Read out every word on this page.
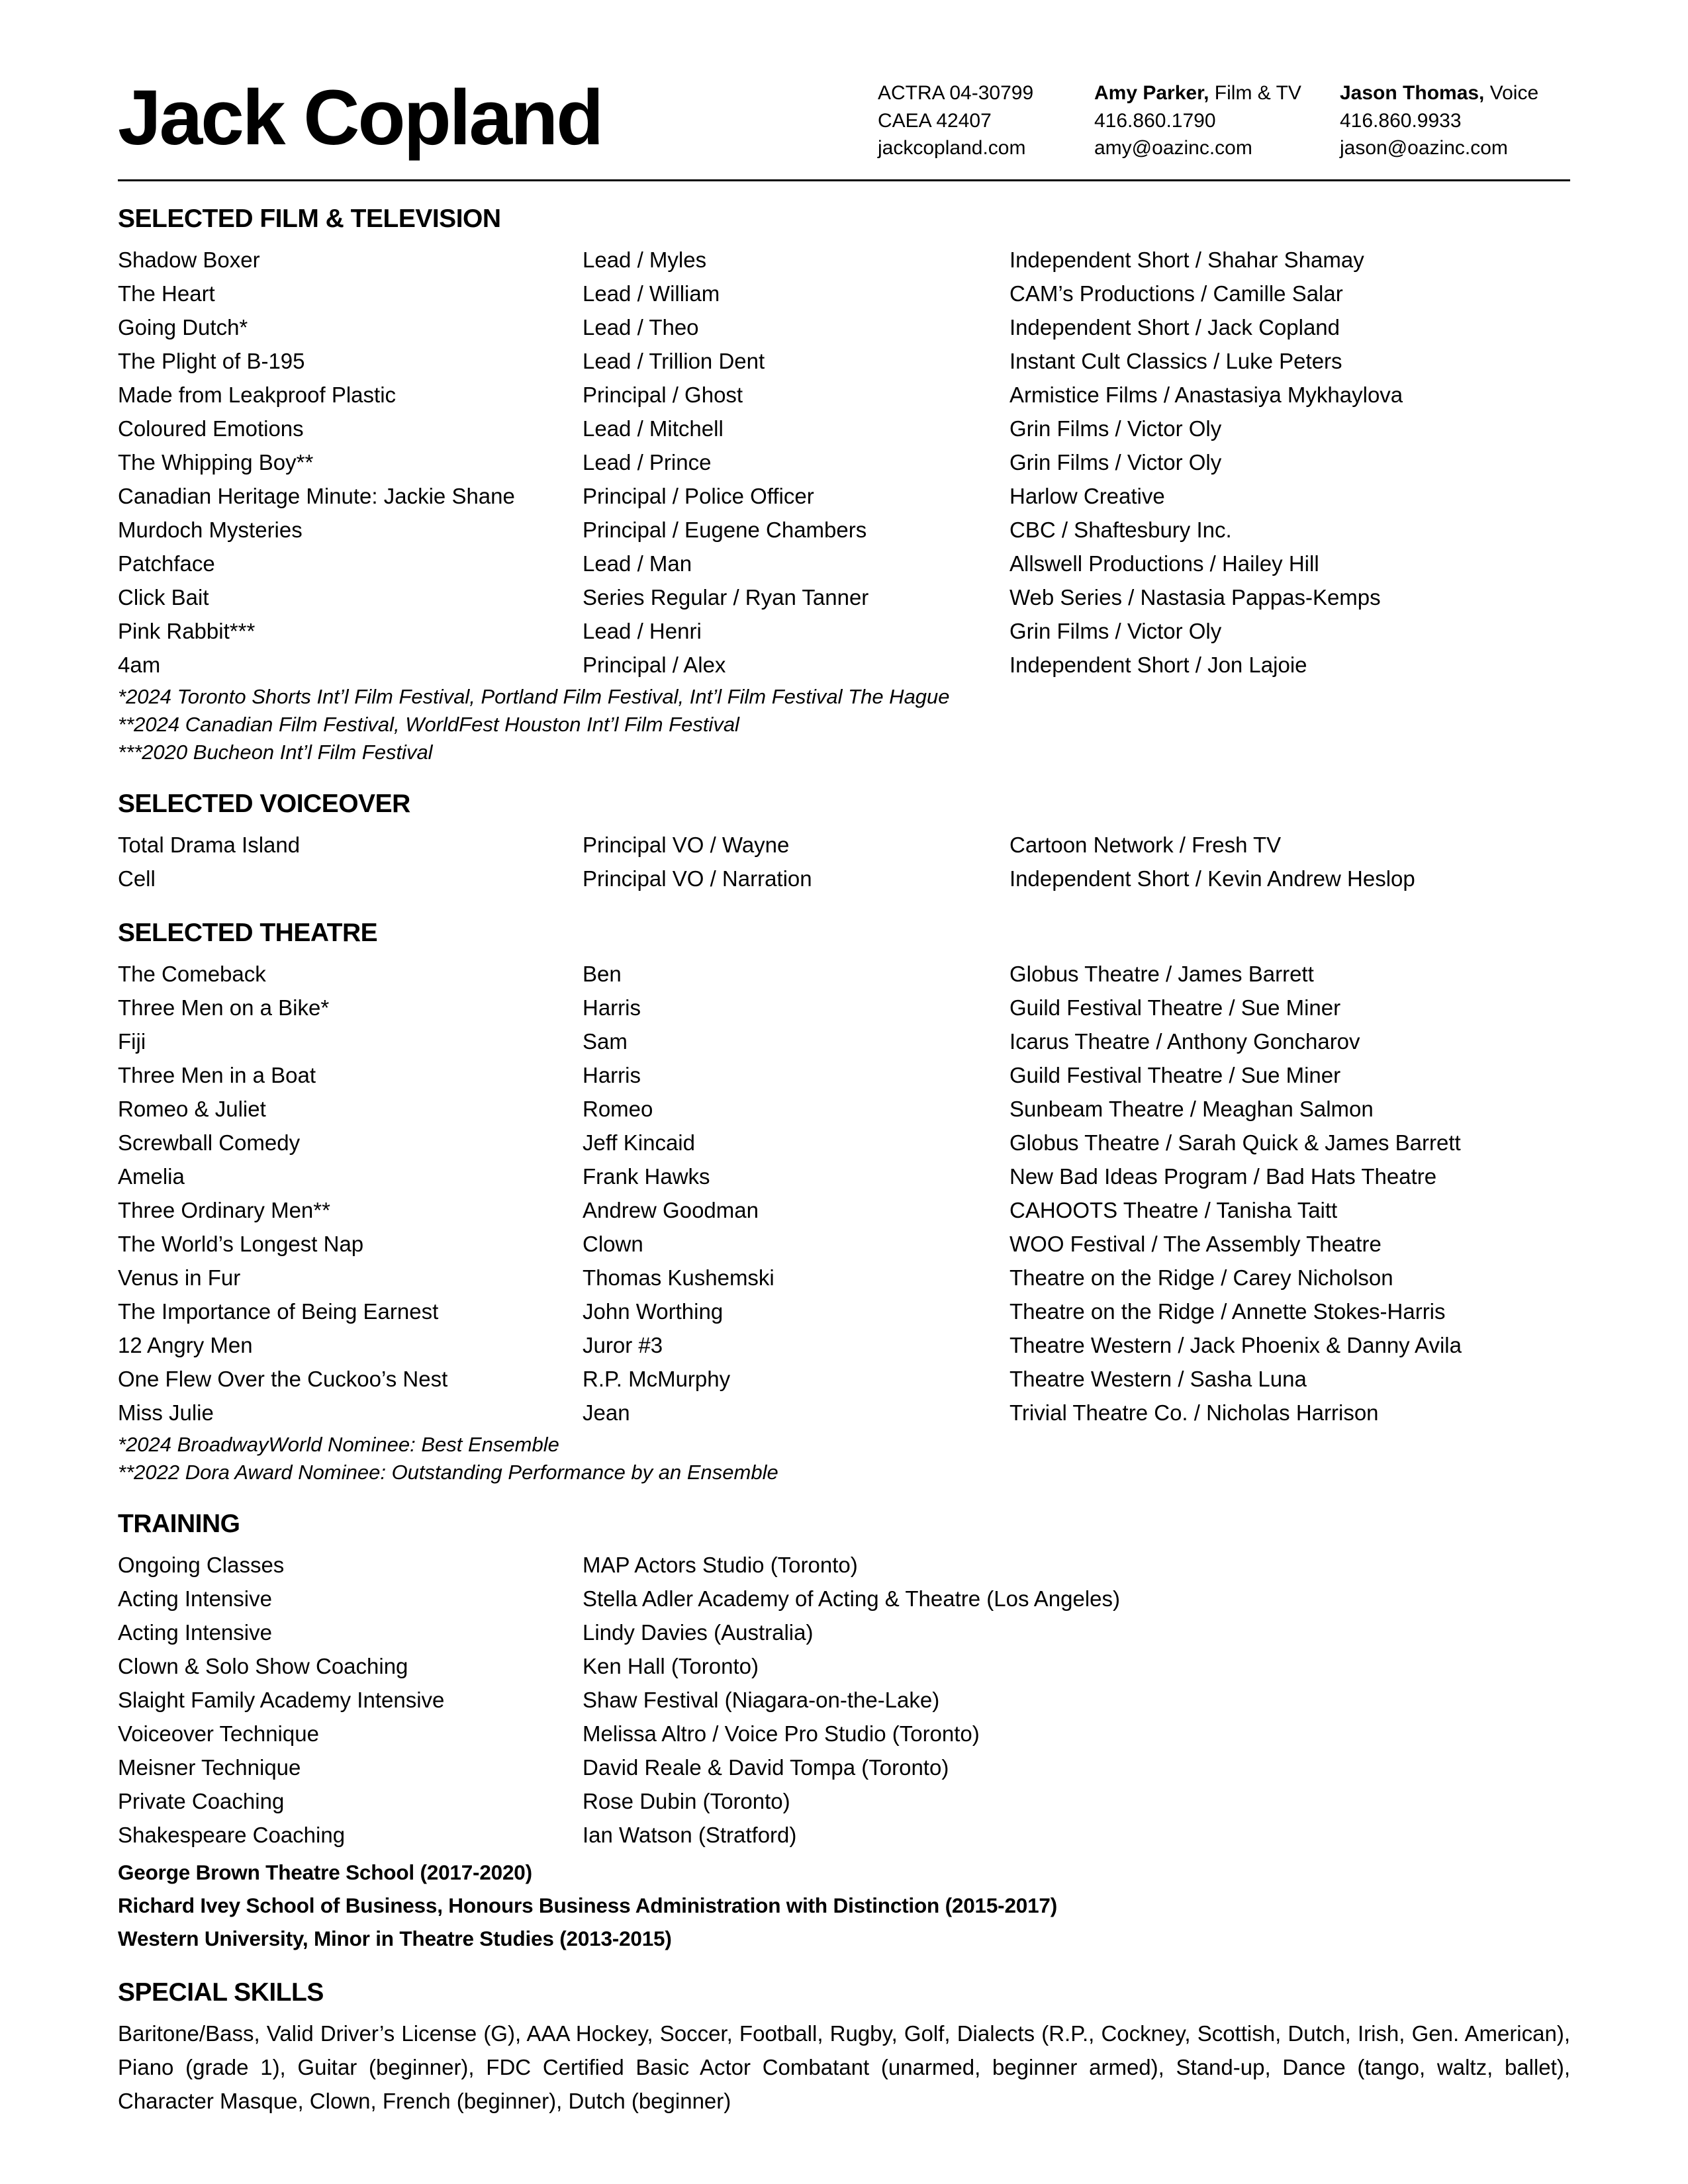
Jack Copland	ACTRA 04-30799
CAEA 42407
jackcopland.com
Amy Parker, Film & TV
416.860.1790
amy@oazinc.com
Jason Thomas, Voice
416.860.9933
jason@oazinc.com
SELECTED FILM & TELEVISION
Shadow Boxer	Lead / Myles	Independent Short / Shahar Shamay
The Heart	Lead / William	CAM’s Productions / Camille Salar
Going Dutch*	Lead / Theo	Independent Short / Jack Copland
The Plight of B-195	Lead / Trillion Dent	Instant Cult Classics / Luke Peters
Made from Leakproof Plastic	Principal / Ghost	Armistice Films / Anastasiya Mykhaylova
Coloured Emotions	Lead / Mitchell	Grin Films / Victor Oly
The Whipping Boy**	Lead / Prince	Grin Films / Victor Oly
Canadian Heritage Minute: Jackie Shane	Principal / Police Officer	Harlow Creative
Murdoch Mysteries	Principal / Eugene Chambers	CBC / Shaftesbury Inc.
Patchface	Lead / Man	Allswell Productions / Hailey Hill
Click Bait	Series Regular / Ryan Tanner	Web Series / Nastasia Pappas-Kemps
Pink Rabbit***	Lead / Henri	Grin Films / Victor Oly
4am	Principal / Alex	Independent Short / Jon Lajoie
*2024 Toronto Shorts Int’l Film Festival, Portland Film Festival, Int’l Film Festival The Hague
**2024 Canadian Film Festival, WorldFest Houston Int’l Film Festival
***2020 Bucheon Int’l Film Festival
SELECTED VOICEOVER
Total Drama Island	Principal VO / Wayne	Cartoon Network / Fresh TV
Cell	Principal VO / Narration	Independent Short / Kevin Andrew Heslop
SELECTED THEATRE
The Comeback	Ben	Globus Theatre / James Barrett
Three Men on a Bike*	Harris	Guild Festival Theatre / Sue Miner
Fiji	Sam	Icarus Theatre / Anthony Goncharov
Three Men in a Boat	Harris	Guild Festival Theatre / Sue Miner
Romeo & Juliet	Romeo	Sunbeam Theatre / Meaghan Salmon
Screwball Comedy	Jeff Kincaid	Globus Theatre / Sarah Quick & James Barrett
Amelia	Frank Hawks	New Bad Ideas Program / Bad Hats Theatre
Three Ordinary Men**	Andrew Goodman	CAHOOTS Theatre / Tanisha Taitt
The World’s Longest Nap	Clown	WOO Festival / The Assembly Theatre
Venus in Fur	Thomas Kushemski	Theatre on the Ridge / Carey Nicholson
The Importance of Being Earnest	John Worthing	Theatre on the Ridge / Annette Stokes-Harris
12 Angry Men	Juror #3	Theatre Western / Jack Phoenix & Danny Avila
One Flew Over the Cuckoo’s Nest	R.P. McMurphy	Theatre Western / Sasha Luna
Miss Julie	Jean	Trivial Theatre Co. / Nicholas Harrison
*2024 BroadwayWorld Nominee: Best Ensemble
**2022 Dora Award Nominee: Outstanding Performance by an Ensemble
TRAINING
Ongoing Classes	MAP Actors Studio (Toronto)
Acting Intensive	Stella Adler Academy of Acting & Theatre (Los Angeles)
Acting Intensive	Lindy Davies (Australia)
Clown & Solo Show Coaching	Ken Hall (Toronto)
Slaight Family Academy Intensive	Shaw Festival (Niagara-on-the-Lake)
Voiceover Technique	Melissa Altro / Voice Pro Studio (Toronto)
Meisner Technique	David Reale & David Tompa (Toronto)
Private Coaching	Rose Dubin (Toronto)
Shakespeare Coaching	Ian Watson (Stratford)
George Brown Theatre School (2017-2020)
Richard Ivey School of Business, Honours Business Administration with Distinction (2015-2017)
Western University, Minor in Theatre Studies (2013-2015)
SPECIAL SKILLS

Baritone/Bass, Valid Driver’s License (G), AAA Hockey, Soccer, Football, Rugby, Golf, Dialects (R.P., Cockney, Scottish, Dutch, Irish, Gen. American), Piano (grade 1), Guitar (beginner), FDC Certified Basic Actor Combatant (unarmed, beginner armed), Stand-up, Dance (tango, waltz, ballet), Character Masque, Clown, French (beginner), Dutch (beginner)
